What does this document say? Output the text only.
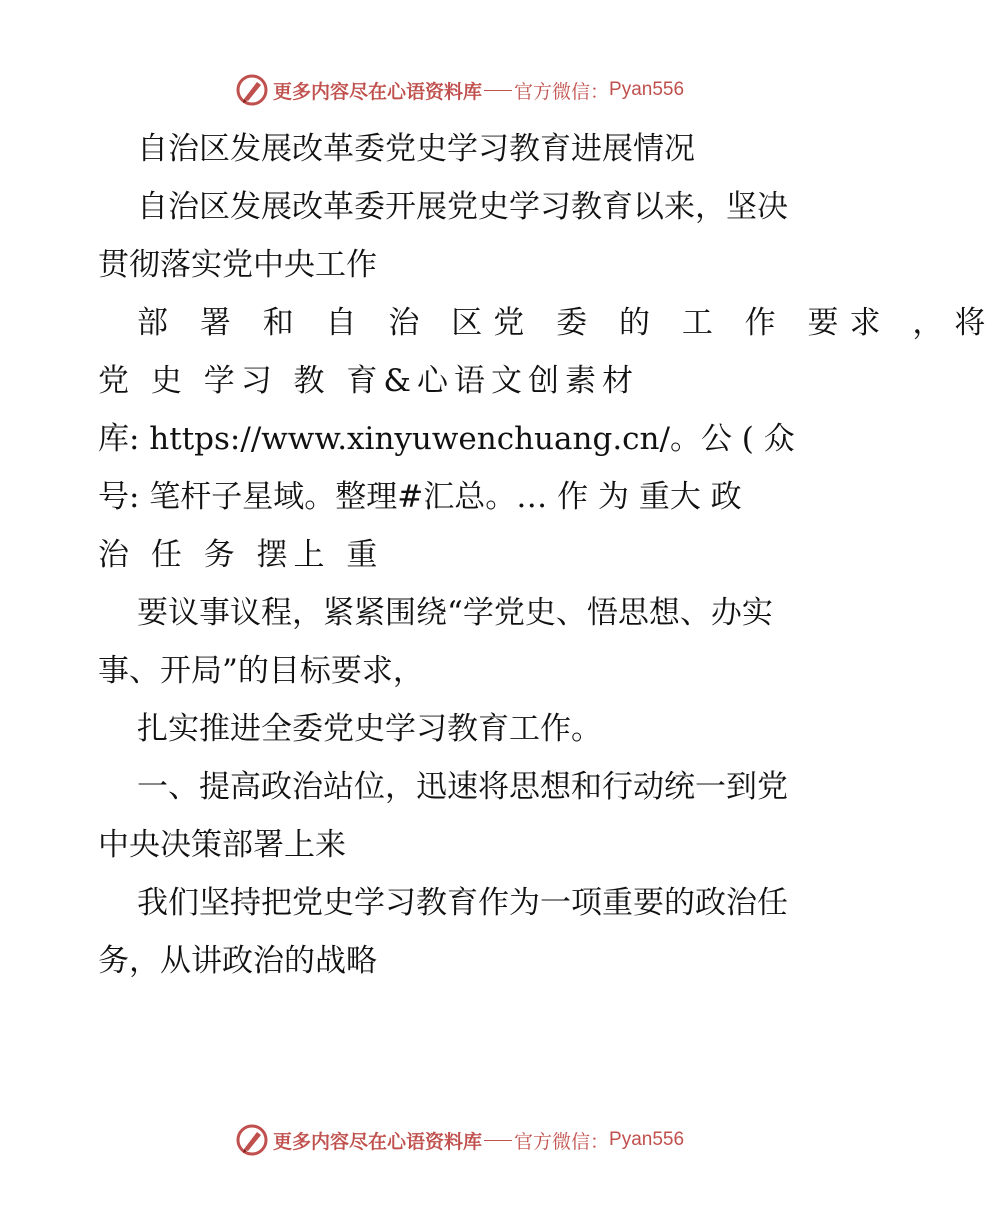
更多内容尽在心语资料库 官方微信： Pyan556
自治区发展改革委党史学习教育进展情况
自治区发展改革委开展党史学习教育以来，坚决
贯彻落实党中央工作
部 署 和 自 治 区党 委 的 工 作 要求 ，将
党 史 学习 教 育&心语文创素材
库: https://www.xinyuwenchuang.cn/。公 ( 众
号: 笔杆子星域。整理#汇总。… 作 为 重大 政
治 任 务 摆上 重
要议事议程，紧紧围绕“学党史、悟思想、办实
事、开局”的目标要求，
扎实推进全委党史学习教育工作。
一、提高政治站位，迅速将思想和行动统一到党
中央决策部署上来
我们坚持把党史学习教育作为一项重要的政治任
务，从讲政治的战略
更多内容尽在心语资料库 官方微信： Pyan556
